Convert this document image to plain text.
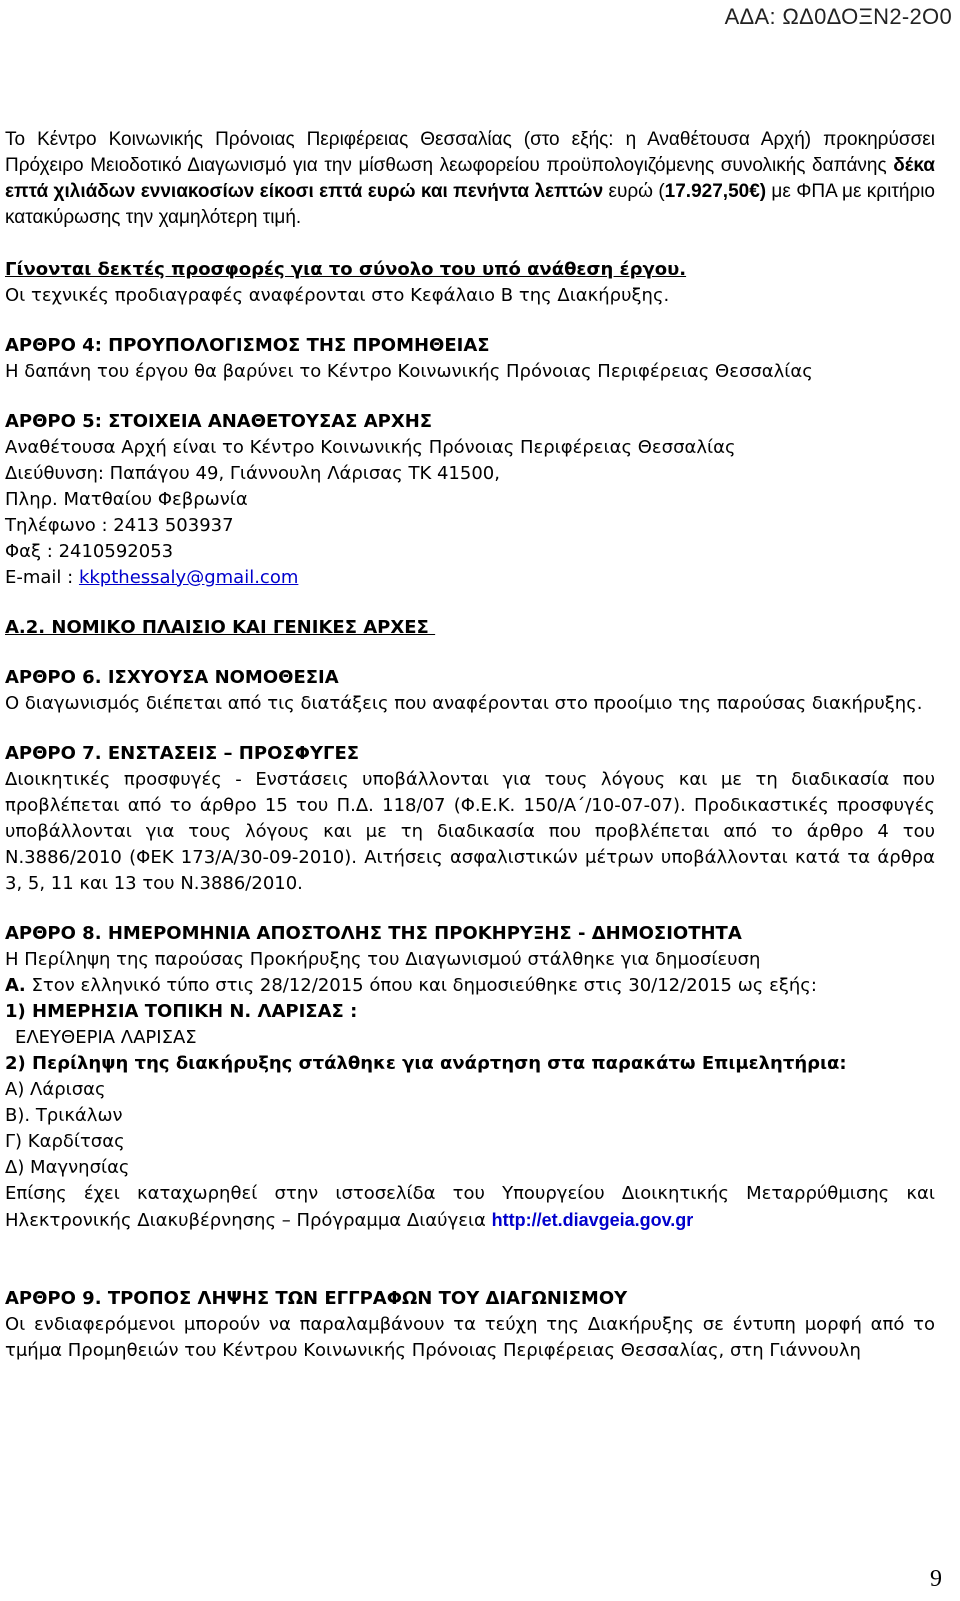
ΑΔΑ: ΩΔ0ΔΟΞΝ2-2Ο0

Το Κέντρο Κοινωνικής Πρόνοιας Περιφέρειας Θεσσαλίας (στο εξής: η Αναθέτουσα Αρχή) προκηρύσσει Πρόχειρο Μειοδοτικό Διαγωνισμό για την μίσθωση λεωφορείου προϋπολογιζόμενης συνολικής δαπάνης δέκα επτά χιλιάδων εννιακοσίων είκοσι επτά ευρώ και πενήντα λεπτών ευρώ (17.927,50€) με ΦΠΑ με κριτήριο κατακύρωσης την χαμηλότερη τιμή.

Γίνονται δεκτές προσφορές για το σύνολο του υπό ανάθεση έργου.

Οι τεχνικές προδιαγραφές αναφέρονται στο Κεφάλαιο Β της Διακήρυξης.

ΑΡΘΡΟ 4: ΠΡΟΥΠΟΛΟΓΙΣΜΟΣ ΤΗΣ ΠΡΟΜΗΘΕΙΑΣ

Η δαπάνη του έργου θα βαρύνει το Κέντρο Κοινωνικής Πρόνοιας Περιφέρειας Θεσσαλίας

ΑΡΘΡΟ 5: ΣΤΟΙΧΕΙΑ ΑΝΑΘΕΤΟΥΣΑΣ ΑΡΧΗΣ

Αναθέτουσα Αρχή είναι το Κέντρο Κοινωνικής Πρόνοιας Περιφέρειας Θεσσαλίας

Διεύθυνση: Παπάγου 49, Γιάννουλη Λάρισας ΤΚ 41500,

Πληρ. Ματθαίου Φεβρωνία

Τηλέφωνο : 2413 503937

Φαξ : 2410592053

E-mail : kkpthessaly@gmail.com

Α.2. ΝΟΜΙΚΟ ΠΛΑΙΣΙΟ ΚΑΙ ΓΕΝΙΚΕΣ ΑΡΧΕΣ

ΑΡΘΡΟ 6. ΙΣΧΥΟΥΣΑ ΝΟΜΟΘΕΣΙΑ

Ο διαγωνισμός διέπεται από τις διατάξεις που αναφέρονται στο προοίμιο της παρούσας διακήρυξης.

ΑΡΘΡΟ 7. ΕΝΣΤΑΣΕΙΣ – ΠΡΟΣΦΥΓΕΣ

Διοικητικές προσφυγές - Ενστάσεις υποβάλλονται για τους λόγους και με τη διαδικασία που προβλέπεται από το άρθρο 15 του Π.Δ. 118/07 (Φ.Ε.Κ. 150/Α΄/10-07-07). Προδικαστικές προσφυγές υποβάλλονται για τους λόγους και με τη διαδικασία που προβλέπεται από το άρθρο 4 του Ν.3886/2010 (ΦΕΚ 173/Α/30-09-2010). Αιτήσεις ασφαλιστικών μέτρων υποβάλλονται κατά τα άρθρα 3, 5, 11 και 13 του Ν.3886/2010.

ΑΡΘΡΟ 8. ΗΜΕΡΟΜΗΝΙΑ ΑΠΟΣΤΟΛΗΣ ΤΗΣ ΠΡΟΚΗΡΥΞΗΣ - ΔΗΜΟΣΙΟΤΗΤΑ

Η Περίληψη της παρούσας Προκήρυξης του Διαγωνισμού στάλθηκε για δημοσίευση

Α. Στον ελληνικό τύπο στις 28/12/2015 όπου και δημοσιεύθηκε στις 30/12/2015 ως εξής:

1) ΗΜΕΡΗΣΙΑ ΤΟΠΙΚΗ Ν. ΛΑΡΙΣΑΣ :

ΕΛΕΥΘΕΡΙΑ ΛΑΡΙΣΑΣ

2) Περίληψη της διακήρυξης στάλθηκε για ανάρτηση στα παρακάτω Επιμελητήρια:

Α) Λάρισας

Β). Τρικάλων

Γ) Καρδίτσας

Δ) Μαγνησίας

Επίσης έχει καταχωρηθεί στην ιστοσελίδα του Υπουργείου Διοικητικής Μεταρρύθμισης και Ηλεκτρονικής Διακυβέρνησης – Πρόγραμμα Διαύγεια http://et.diavgeia.gov.gr

ΑΡΘΡΟ 9. ΤΡΟΠΟΣ ΛΗΨΗΣ ΤΩΝ ΕΓΓΡΑΦΩΝ ΤΟΥ ΔΙΑΓΩΝΙΣΜΟΥ

Οι ενδιαφερόμενοι μπορούν να παραλαμβάνουν τα τεύχη της Διακήρυξης σε έντυπη μορφή από το τμήμα Προμηθειών του Κέντρου Κοινωνικής Πρόνοιας Περιφέρειας Θεσσαλίας, στη Γιάννουλη

9
